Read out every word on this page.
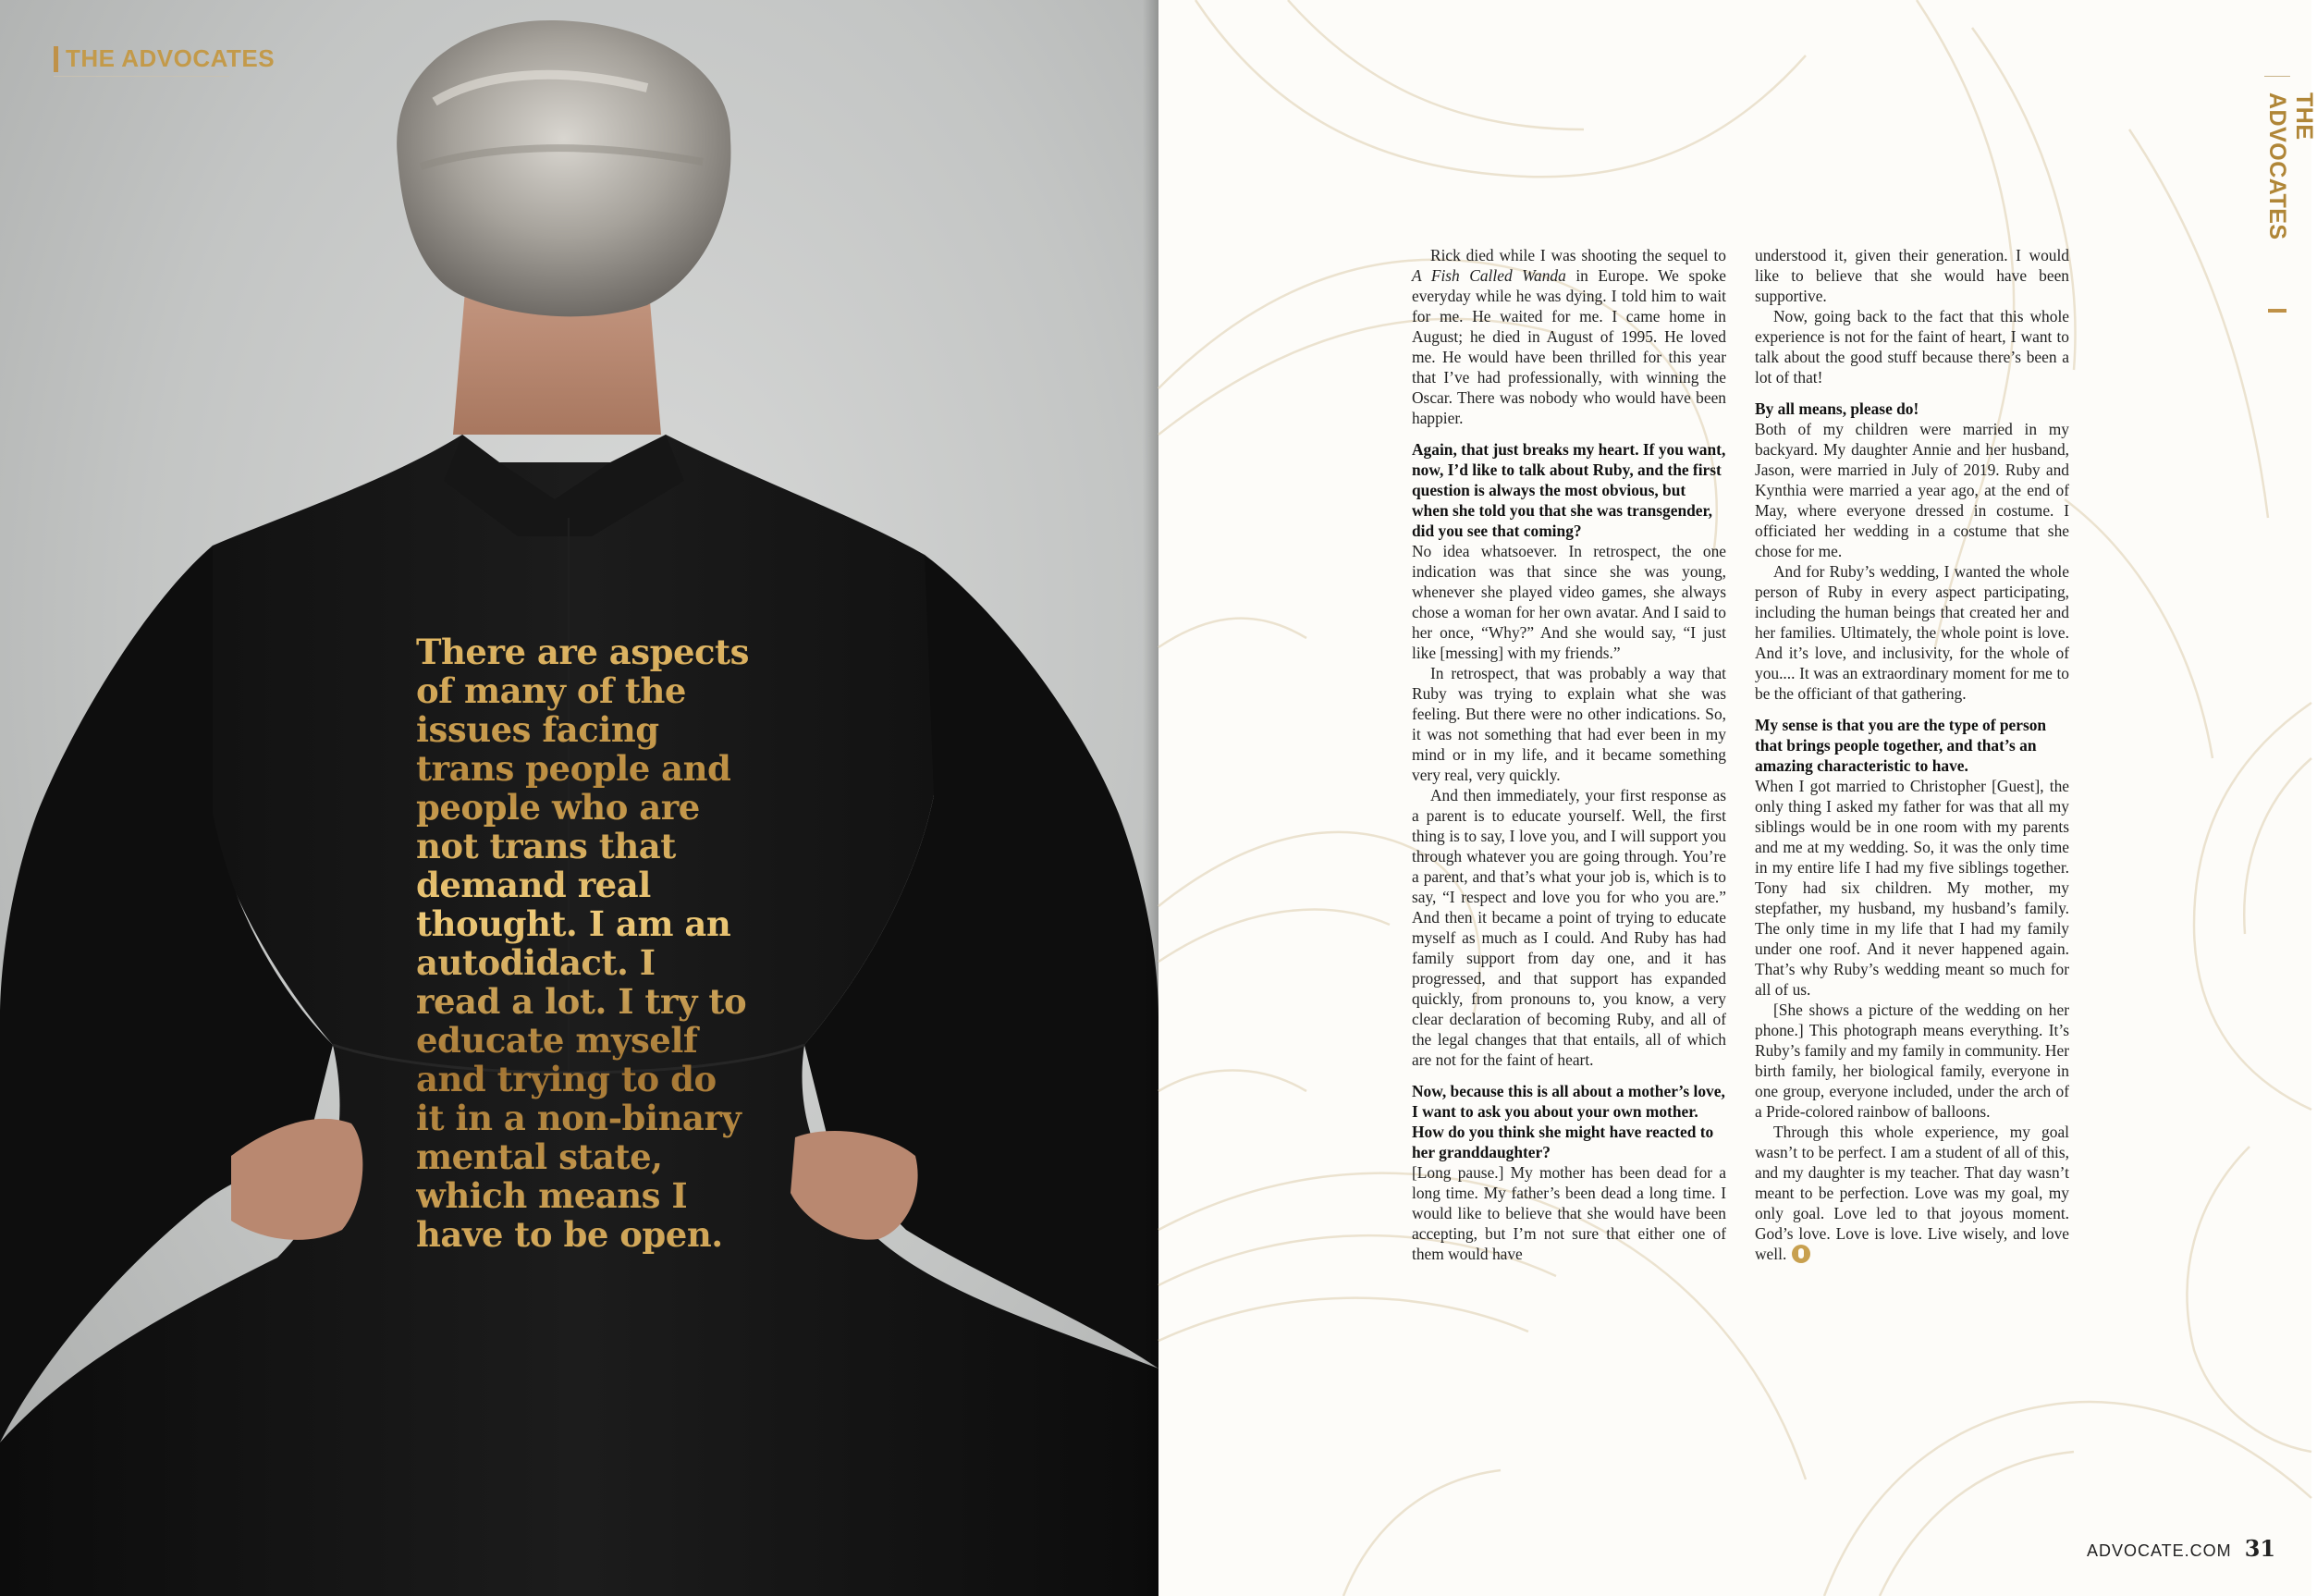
THE ADVOCATES

There are aspects of many of the issues facing trans people and people who are not trans that demand real thought. I am an autodidact. I read a lot. I try to educate myself and trying to do it in a non-binary mental state, which means I have to be open.

THE ADVOCATES

Rick died while I was shooting the sequel to A Fish Called Wanda in Europe. We spoke everyday while he was dying. I told him to wait for me. He waited for me. I came home in August; he died in August of 1995. He loved me. He would have been thrilled for this year that I’ve had professionally, with winning the Oscar. There was nobody who would have been happier.

Again, that just breaks my heart. If you want, now, I’d like to talk about Ruby, and the first question is always the most obvious, but when she told you that she was transgender, did you see that coming?

No idea whatsoever. In retrospect, the one indication was that since she was young, whenever she played video games, she always chose a woman for her own avatar. And I said to her once, “Why?” And she would say, “I just like [messing] with my friends.”

In retrospect, that was probably a way that Ruby was trying to explain what she was feeling. But there were no other indications. So, it was not something that had ever been in my mind or in my life, and it became something very real, very quickly.

And then immediately, your first response as a parent is to educate yourself. Well, the first thing is to say, I love you, and I will support you through whatever you are going through. You’re a parent, and that’s what your job is, which is to say, “I respect and love you for who you are.” And then it became a point of trying to educate myself as much as I could. And Ruby has had family support from day one, and it has progressed, and that support has expanded quickly, from pronouns to, you know, a very clear declaration of becoming Ruby, and all of the legal changes that that entails, all of which are not for the faint of heart.

Now, because this is all about a mother’s love, I want to ask you about your own mother. How do you think she might have reacted to her granddaughter?

[Long pause.] My mother has been dead for a long time. My father’s been dead a long time. I would like to believe that she would have been accepting, but I’m not sure that either one of them would have

understood it, given their generation. I would like to believe that she would have been supportive.

Now, going back to the fact that this whole experience is not for the faint of heart, I want to talk about the good stuff because there’s been a lot of that!

By all means, please do!

Both of my children were married in my backyard. My daughter Annie and her husband, Jason, were married in July of 2019. Ruby and Kynthia were married a year ago, at the end of May, where everyone dressed in costume. I officiated her wedding in a costume that she chose for me.

And for Ruby’s wedding, I wanted the whole person of Ruby in every aspect participating, including the human beings that created her and her families. Ultimately, the whole point is love. And it’s love, and inclusivity, for the whole of you.... It was an extraordinary moment for me to be the officiant of that gathering.

My sense is that you are the type of person that brings people together, and that’s an amazing characteristic to have.

When I got married to Christopher [Guest], the only thing I asked my father for was that all my siblings would be in one room with my parents and me at my wedding. So, it was the only time in my entire life I had my five siblings together. Tony had six children. My mother, my stepfather, my husband, my husband’s family. The only time in my life that I had my family under one roof. And it never happened again. That’s why Ruby’s wedding meant so much for all of us.

[She shows a picture of the wedding on her phone.] This photograph means everything. It’s Ruby’s family and my family in community. Her birth family, her biological family, everyone in one group, everyone included, under the arch of a Pride-colored rainbow of balloons.

Through this whole experience, my goal wasn’t to be perfect. I am a student of all of this, and my daughter is my teacher. That day wasn’t meant to be perfection. Love was my goal, my only goal. Love led to that joyous moment. God’s love. Love is love. Live wisely, and love well.

ADVOCATE.COM 31
